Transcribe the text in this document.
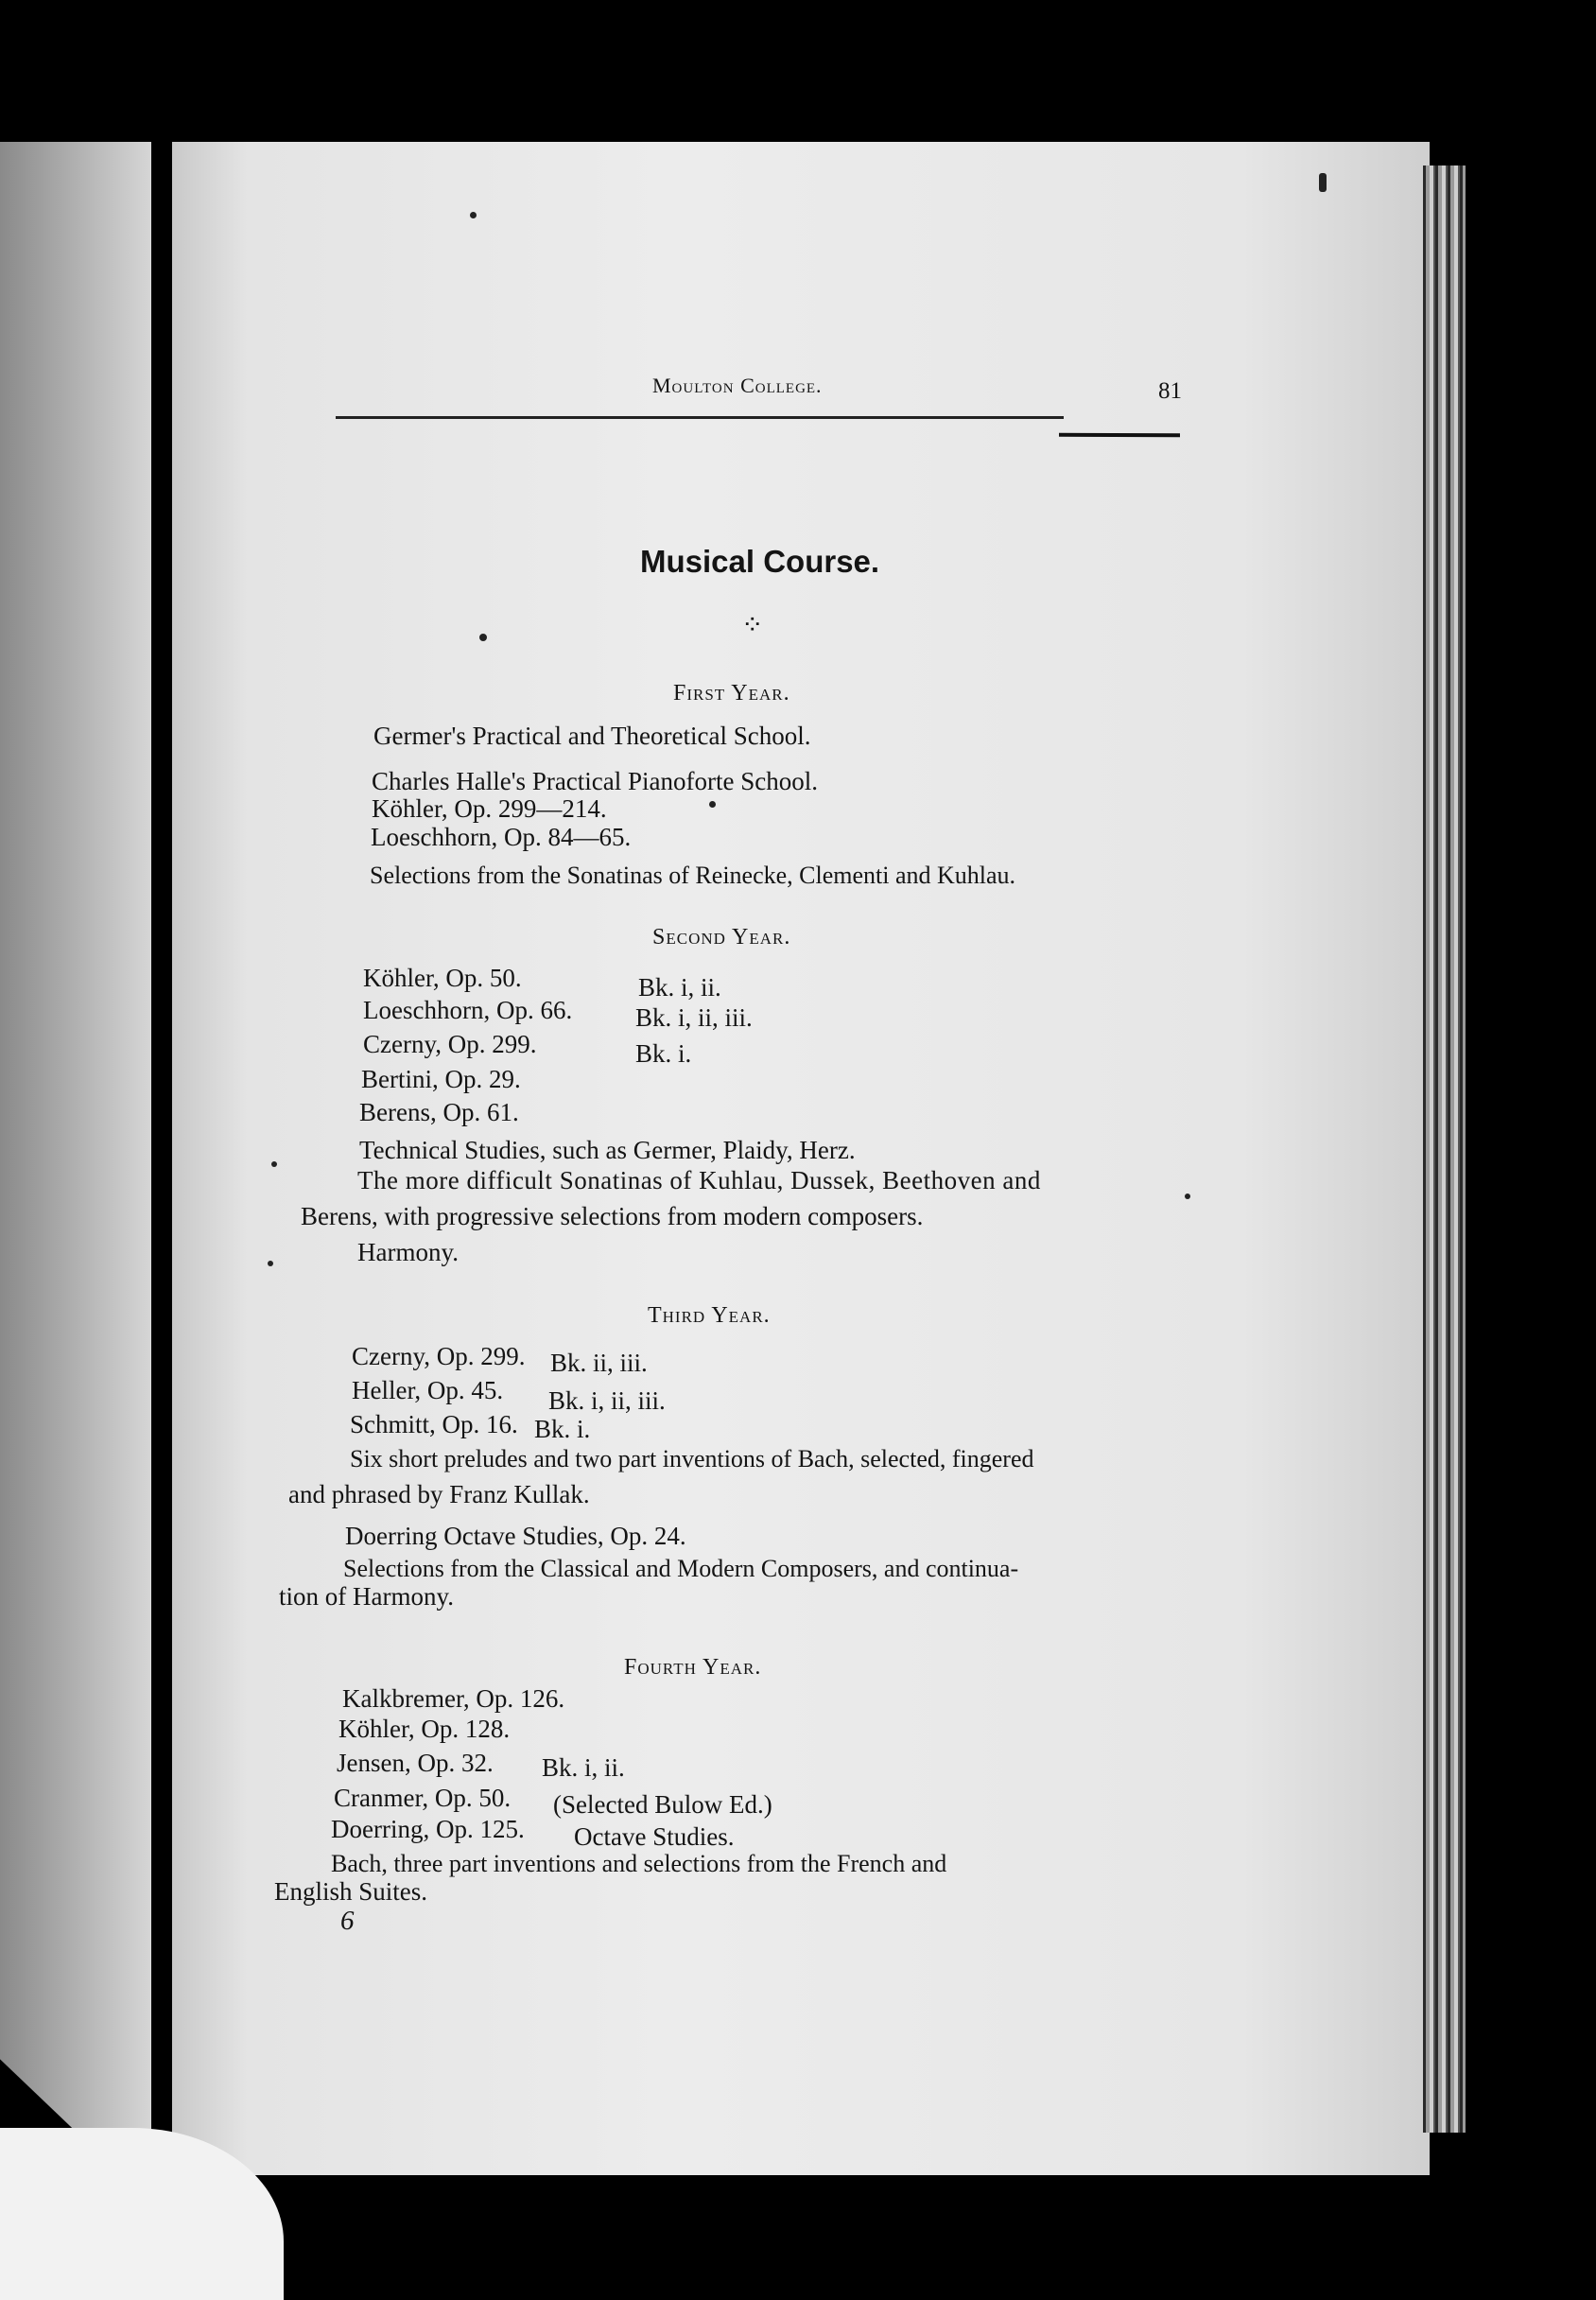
Moulton College.	81
Musical Course.
⁘
First Year.
Germer's Practical and Theoretical School.
Charles Halle's Practical Pianoforte School.
Köhler, Op. 299—214.
Loeschhorn, Op. 84—65.
Selections from the Sonatinas of Reinecke, Clementi and Kuhlau.
Second Year.
Köhler, Op. 50.	Bk. i, ii.
Loeschhorn, Op. 66. Bk. i, ii, iii.
Czerny, Op. 299.	Bk. i.
Bertini, Op. 29.
Berens, Op. 61.
Technical Studies, such as Germer, Plaidy, Herz.
The more difficult Sonatinas of Kuhlau, Dussek, Beethoven and
Berens, with progressive selections from modern composers.
Harmony.
Third Year.
Czerny, Op. 299. Bk. ii, iii.
Heller, Op. 45. Bk. i, ii, iii.
Schmitt, Op. 16. Bk. i.
Six short preludes and two part inventions of Bach, selected, fingered
and phrased by Franz Kullak.
Doerring Octave Studies, Op. 24.
Selections from the Classical and Modern Composers, and continua-
tion of Harmony.
Fourth Year.
Kalkbremer, Op. 126.
Köhler, Op. 128.
Jensen, Op. 32. Bk. i, ii.
Cranmer, Op. 50. (Selected Bulow Ed.)
Doerring, Op. 125. Octave Studies.
Bach, three part inventions and selections from the French and
English Suites.
6
